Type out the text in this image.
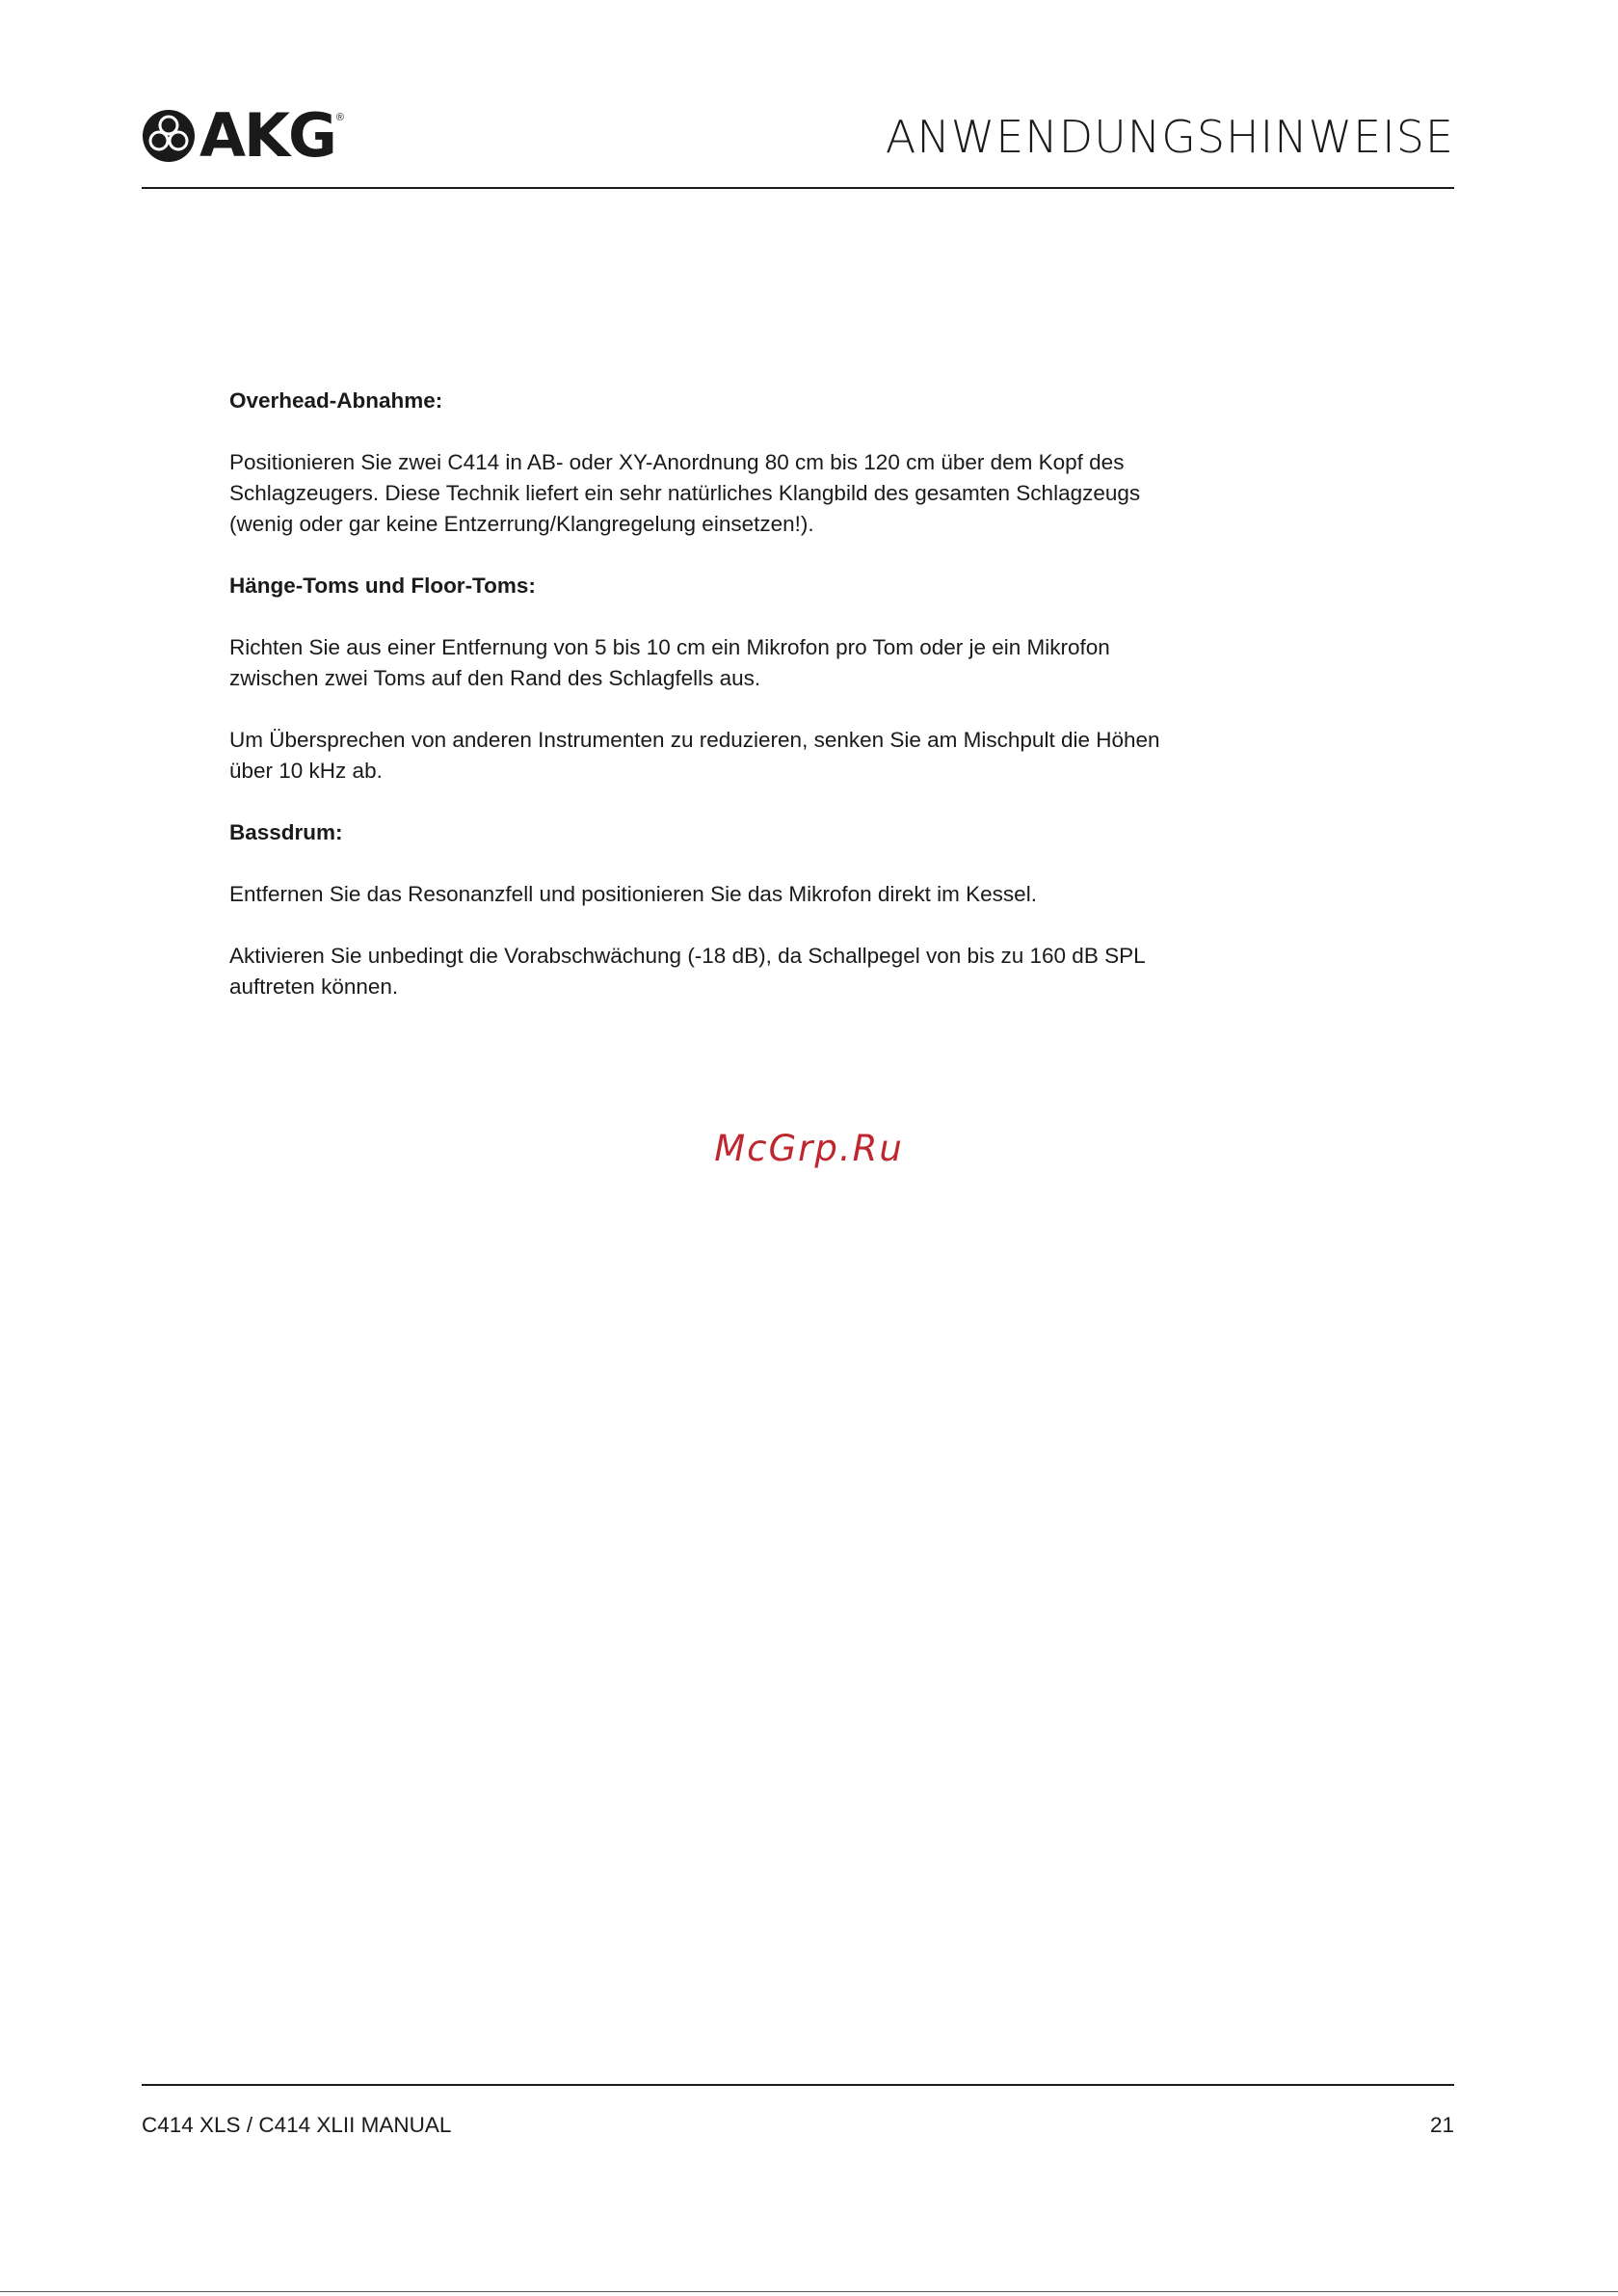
AKG ®	ANWENDUNGSHINWEISE
Overhead-Abnahme:

Positionieren Sie zwei C414 in AB- oder XY-Anordnung 80 cm bis 120 cm über dem Kopf des Schlagzeugers. Diese Technik liefert ein sehr natürliches Klangbild des gesamten Schlagzeugs (wenig oder gar keine Entzerrung/Klangregelung einsetzen!).

Hänge-Toms und Floor-Toms:

Richten Sie aus einer Entfernung von 5 bis 10 cm ein Mikrofon pro Tom oder je ein Mikrofon zwischen zwei Toms auf den Rand des Schlagfells aus.

Um Übersprechen von anderen Instrumenten zu reduzieren, senken Sie am Mischpult die Höhen über 10 kHz ab.

Bassdrum:

Entfernen Sie das Resonanzfell und positionieren Sie das Mikrofon direkt im Kessel.

Aktivieren Sie unbedingt die Vorabschwächung (-18 dB), da Schallpegel von bis zu 160 dB SPL auftreten können.

McGrp.Ru
C414 XLS / C414 XLII MANUAL	21
